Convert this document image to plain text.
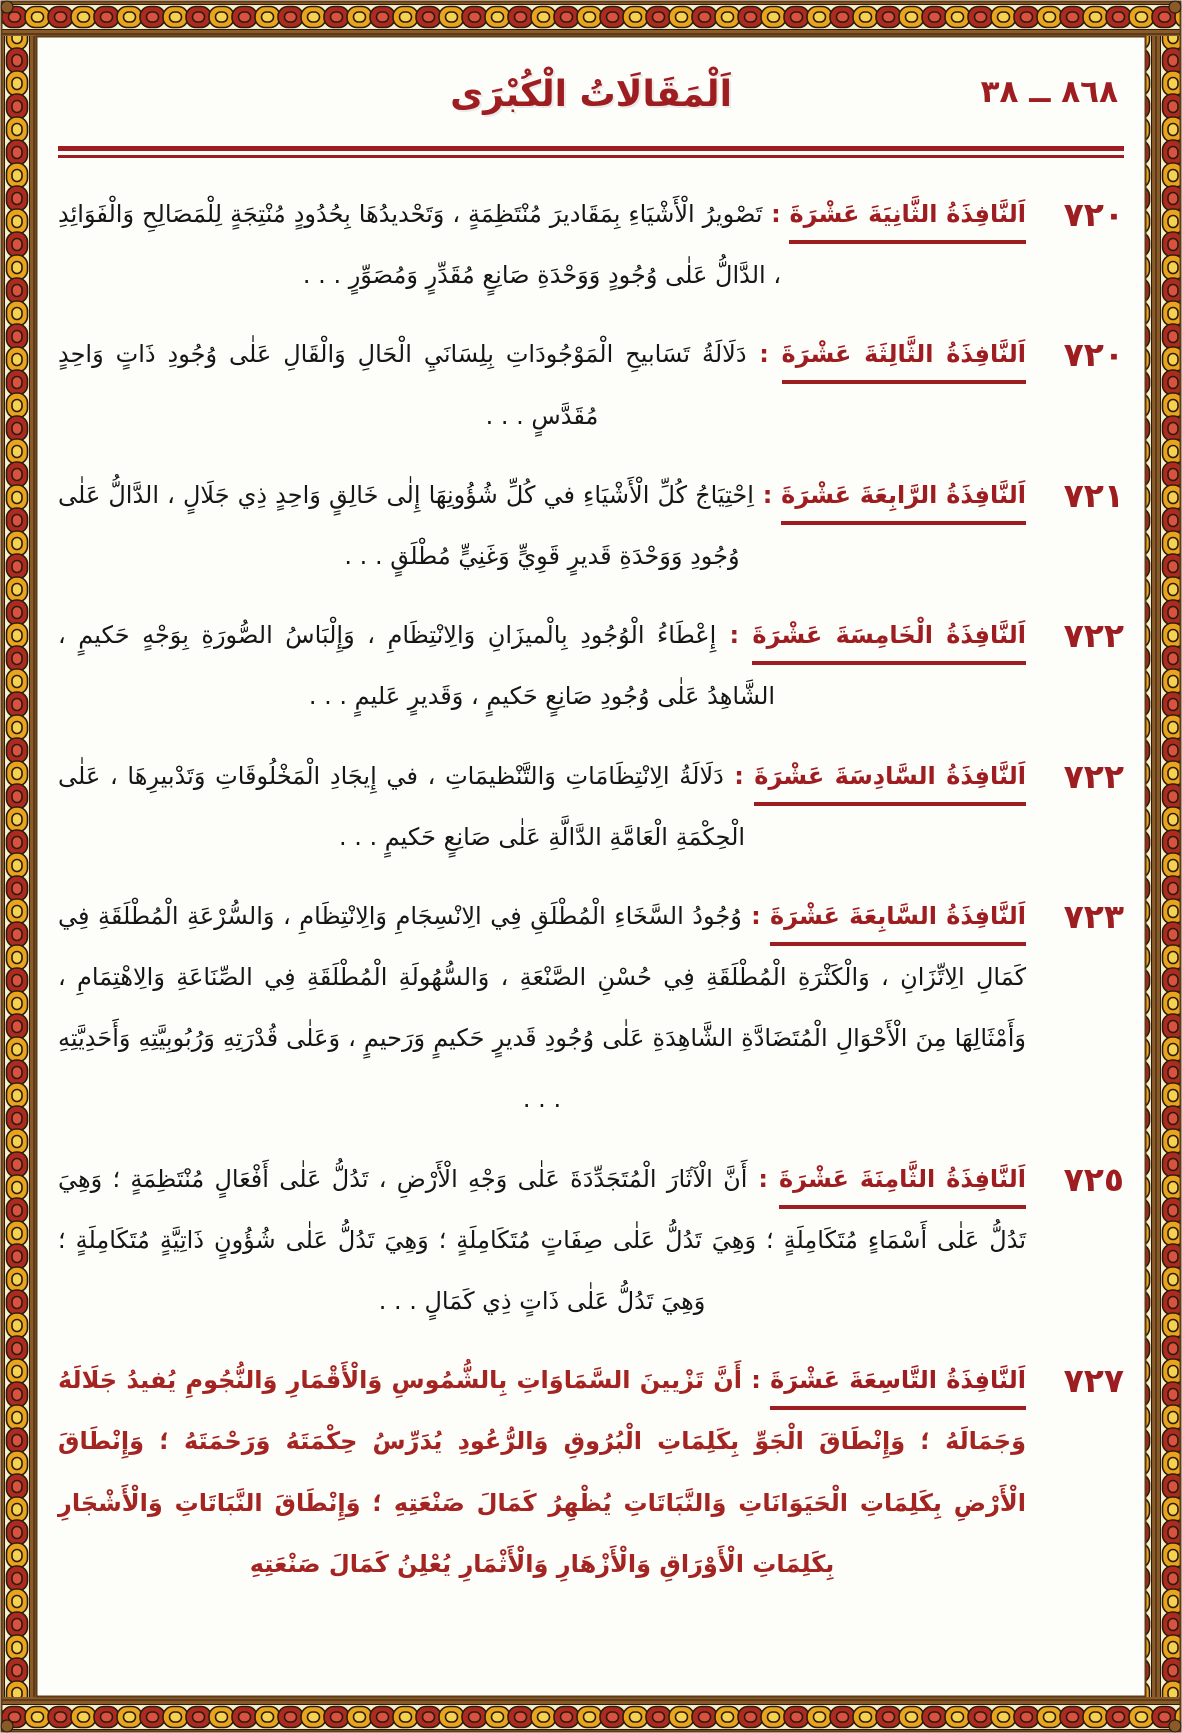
٨٦٨ ــ ٣٨
اَلْمَقَالَاتُ الْكُبْرَى
٧٢٠

اَلنَّافِذَةُ الثَّانِيَةَ عَشْرَةَ : تَصْويرُ الْأَشْيَاءِ بِمَقَاديرَ مُنْتَظِمَةٍ ، وَتَحْديدُهَا بِحُدُودٍ مُنْتِجَةٍ لِلْمَصَالِحِ وَالْفَوَائِدِ ، الدَّالُّ عَلٰى وُجُودٍ وَوَحْدَةِ صَانِعٍ مُقَدِّرٍ وَمُصَوِّرٍ . . .

٧٢٠

اَلنَّافِذَةُ الثَّالِثَةَ عَشْرَةَ : دَلَالَةُ تَسَابيحِ الْمَوْجُودَاتِ بِلِسَانَيِ الْحَالِ وَالْقَالِ عَلٰى وُجُودِ ذَاتٍ وَاحِدٍ مُقَدَّسٍ . . .

٧٢١

اَلنَّافِذَةُ الرَّابِعَةَ عَشْرَةَ : اِحْتِيَاجُ كُلِّ الْأَشْيَاءِ في كُلِّ شُؤُونِهَا إِلٰى خَالِقٍ وَاحِدٍ ذِي جَلَالٍ ، الدَّالُّ عَلٰى وُجُودِ وَوَحْدَةِ قَديرٍ قَوِيٍّ وَغَنِيٍّ مُطْلَقٍ . . .

٧٢٢

اَلنَّافِذَةُ الْخَامِسَةَ عَشْرَةَ : إِعْطَاءُ الْوُجُودِ بِالْميزَانِ وَالِانْتِظَامِ ، وَإِلْبَاسُ الصُّورَةِ بِوَجْهٍ حَكيمٍ ، الشَّاهِدُ عَلٰى وُجُودِ صَانِعٍ حَكيمٍ ، وَقَديرٍ عَليمٍ . . .

٧٢٢

اَلنَّافِذَةُ السَّادِسَةَ عَشْرَةَ : دَلَالَةُ الِانْتِظَامَاتِ وَالتَّنْظيمَاتِ ، في إِيجَادِ الْمَخْلُوقَاتِ وَتَدْبيرِهَا ، عَلٰى الْحِكْمَةِ الْعَامَّةِ الدَّالَّةِ عَلٰى صَانِعٍ حَكيمٍ . . .

٧٢٣

اَلنَّافِذَةُ السَّابِعَةَ عَشْرَةَ : وُجُودُ السَّخَاءِ الْمُطْلَقِ فِي الِانْسِجَامِ وَالِانْتِظَامِ ، وَالسُّرْعَةِ الْمُطْلَقَةِ فِي كَمَالِ الِاتِّزَانِ ، وَالْكَثْرَةِ الْمُطْلَقَةِ فِي حُسْنِ الصَّنْعَةِ ، وَالسُّهُولَةِ الْمُطْلَقَةِ فِي الصِّنَاعَةِ وَالِاهْتِمَامِ ، وَأَمْثَالِهَا مِنَ الْأَحْوَالِ الْمُتَضَادَّةِ الشَّاهِدَةِ عَلٰى وُجُودِ قَديرٍ حَكيمٍ وَرَحيمٍ ، وَعَلٰى قُدْرَتِهِ وَرُبُوبِيَّتِهِ وَأَحَدِيَّتِهِ . . .

٧٢٥

اَلنَّافِذَةُ الثَّامِنَةَ عَشْرَةَ : أَنَّ الْآثَارَ الْمُتَجَدِّدَةَ عَلٰى وَجْهِ الْأَرْضِ ، تَدُلُّ عَلٰى أَفْعَالٍ مُنْتَظِمَةٍ ؛ وَهِيَ تَدُلُّ عَلٰى أَسْمَاءٍ مُتَكَامِلَةٍ ؛ وَهِيَ تَدُلُّ عَلٰى صِفَاتٍ مُتَكَامِلَةٍ ؛ وَهِيَ تَدُلُّ عَلٰى شُؤُونٍ ذَاتِيَّةٍ مُتَكَامِلَةٍ ؛ وَهِيَ تَدُلُّ عَلٰى ذَاتٍ ذِي كَمَالٍ . . .

٧٢٧

اَلنَّافِذَةُ التَّاسِعَةَ عَشْرَةَ : أَنَّ تَزْيينَ السَّمَاوَاتِ بِالشُّمُوسِ وَالْأَقْمَارِ وَالنُّجُومِ يُفيدُ جَلَالَهُ وَجَمَالَهُ ؛ وَإِنْطَاقَ الْجَوِّ بِكَلِمَاتِ الْبُرُوقِ وَالرُّعُودِ يُدَرِّسُ حِكْمَتَهُ وَرَحْمَتَهُ ؛ وَإِنْطَاقَ الْأَرْضِ بِكَلِمَاتِ الْحَيَوَانَاتِ وَالنَّبَاتَاتِ يُظْهِرُ كَمَالَ صَنْعَتِهِ ؛ وَإِنْطَاقَ النَّبَاتَاتِ وَالْأَشْجَارِ بِكَلِمَاتِ الْأَوْرَاقِ وَالْأَزْهَارِ وَالْأَثْمَارِ يُعْلِنُ كَمَالَ صَنْعَتِهِ
